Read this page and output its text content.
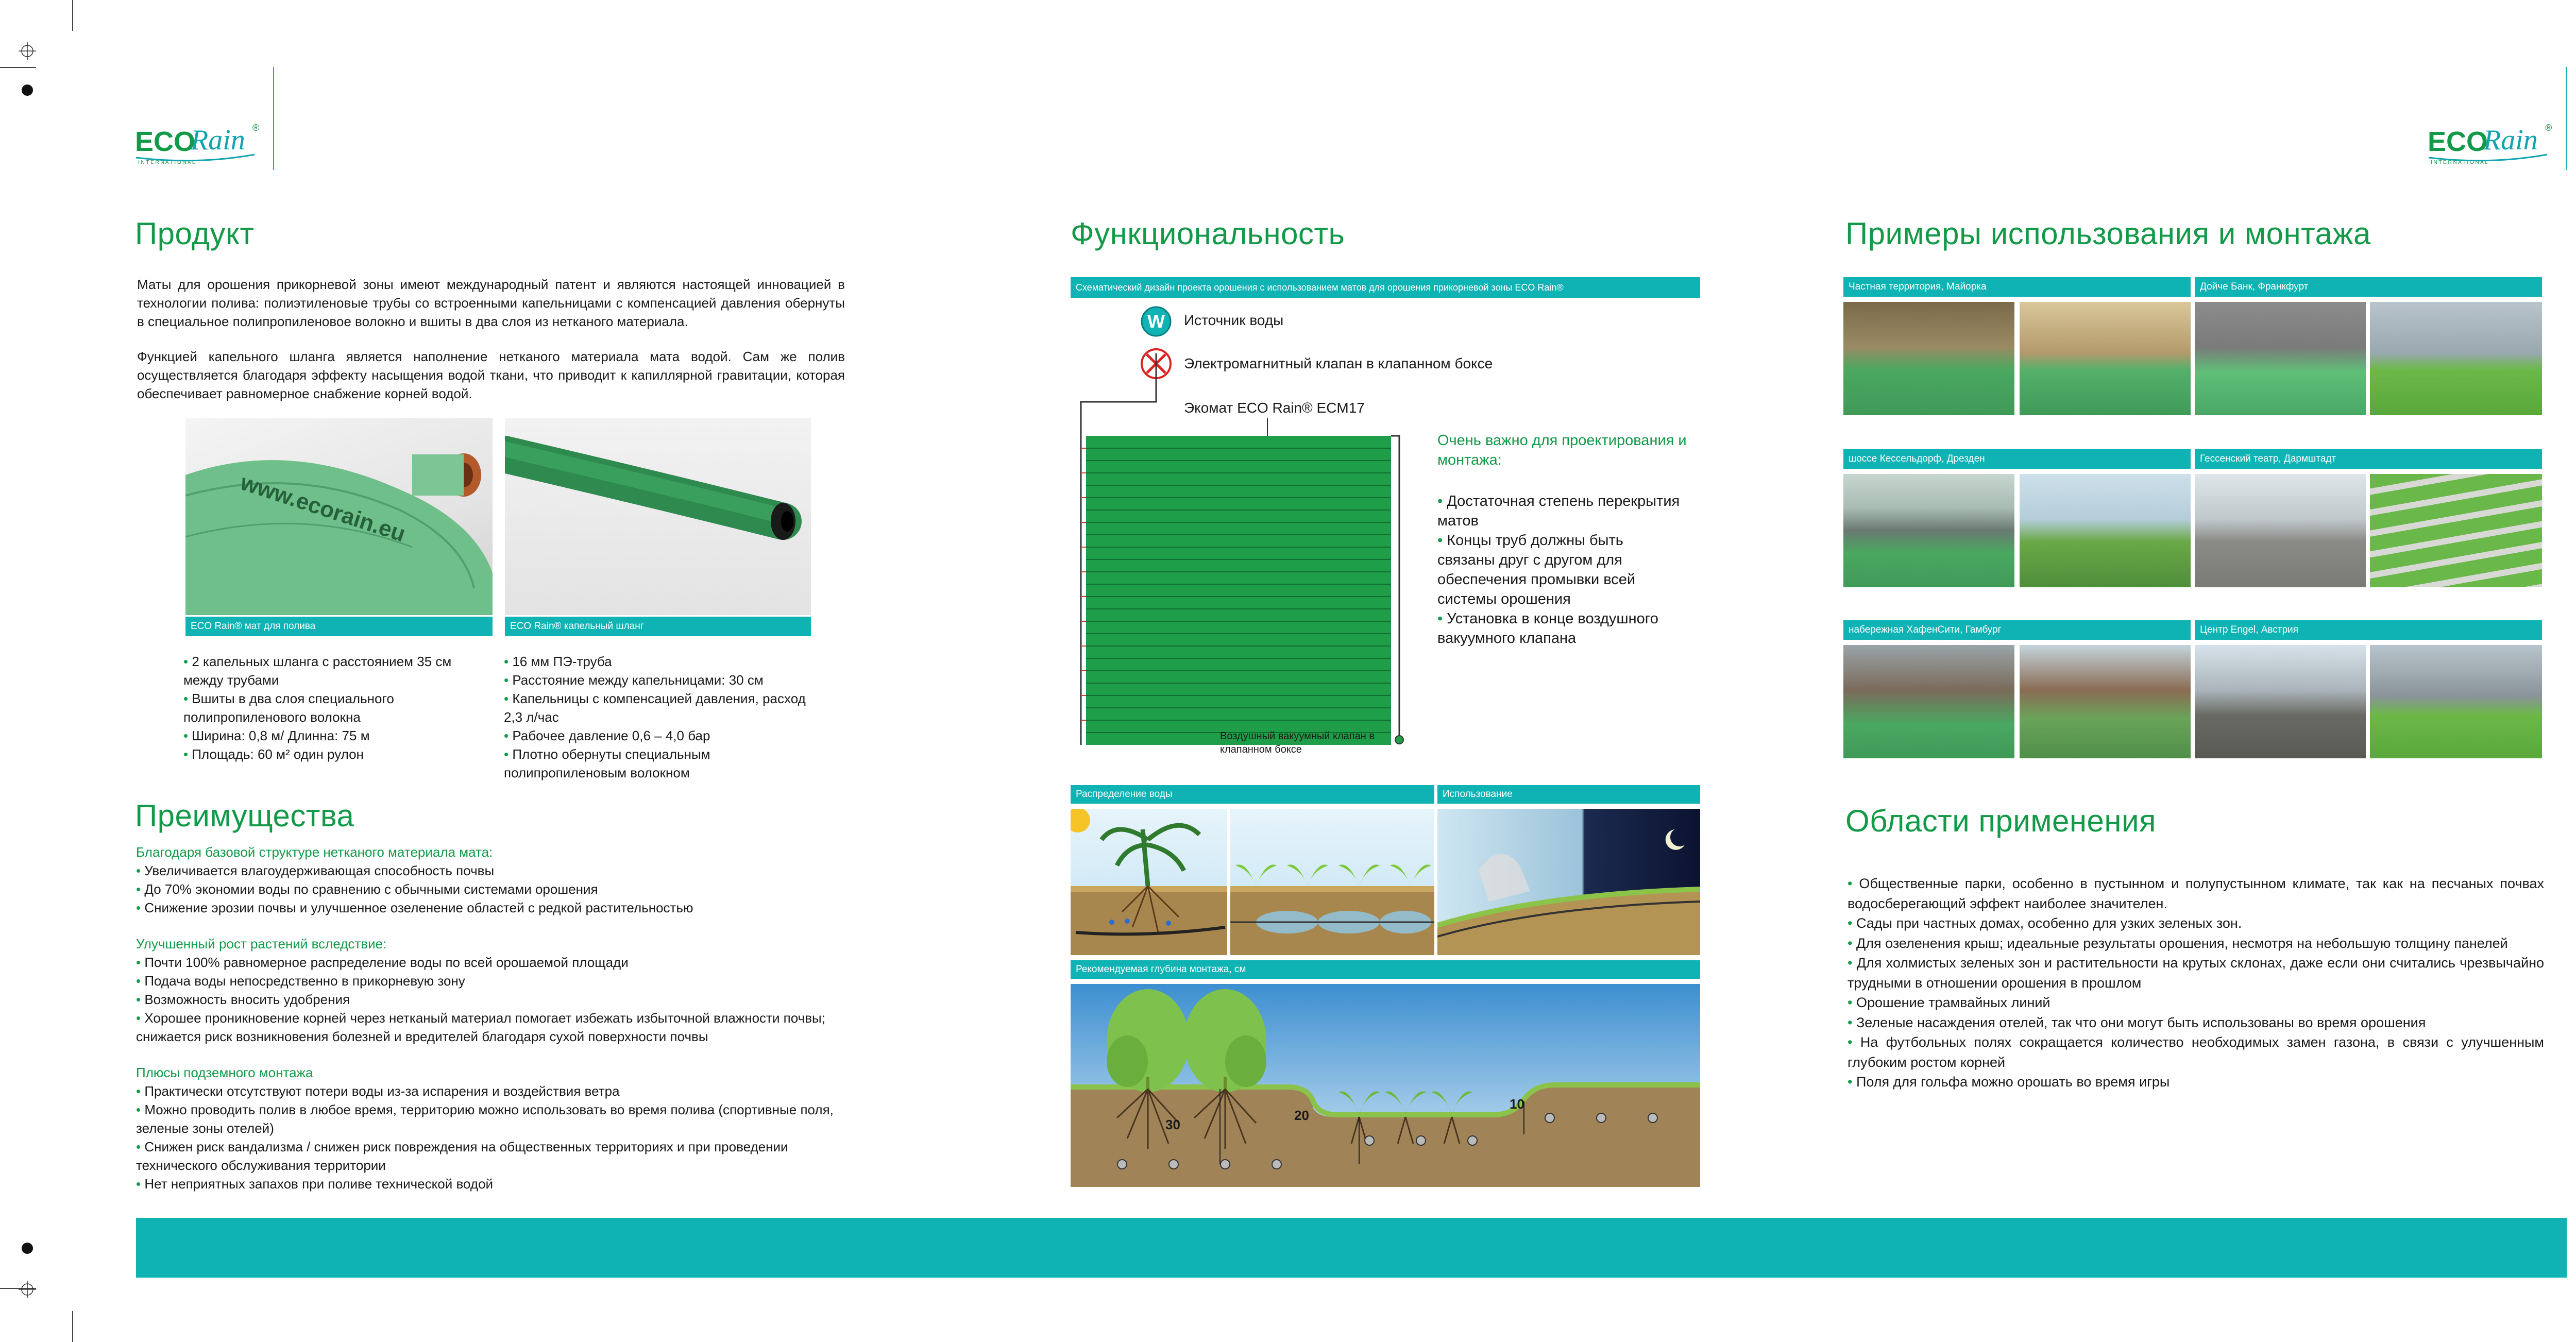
ECO
Rain ®
I N T E R N A T I O N A L
ECO
Rain ®
I N T E R N A T I O N A L
Продукт

Маты для орошения прикорневой зоны имеют международный патент и являются настоящей инновацией в технологии полива: полиэтиленовые трубы со встроенными капельницами с компенсацией давления обернуты в специальное полипропиленовое волокно и вшиты в два слоя из нетканого материала.

Функцией капельного шланга является наполнение нетканого материала мата водой. Сам же полив осуществляется благодаря эффекту насыщения водой ткани, что приводит к капиллярной гравитации, которая обеспечивает равномерное снабжение корней водой.

www.ecorain.eu
ECO Rain® мат для полива	ECO Rain® капельный шланг
• 2 капельных шланга с расстоянием 35 см между трубами
• Вшиты в два слоя специального полипропиленового волокна
• Ширина: 0,8 м/ Длинна: 75 м
• Площадь: 60 м² один рулон
• 16 мм ПЭ-труба
• Расстояние между капельницами: 30 см
• Капельницы с компенсацией давления, расход 2,3 л/час
• Рабочее давление 0,6 – 4,0 бар
• Плотно обернуты специальным полипропиленовым волокном
Преимущества

Благодаря базовой структуре нетканого материала мата:

• Увеличивается влагоудерживающая способность почвы
• До 70% экономии воды по сравнению с обычными системами орошения
• Снижение эрозии почвы и улучшенное озеленение областей с редкой растительностью

Улучшенный рост растений вследствие:

• Почти 100% равномерное распределение воды по всей орошаемой площади
• Подача воды непосредственно в прикорневую зону
• Возможность вносить удобрения
• Хорошее проникновение корней через нетканый материал помогает избежать избыточной влажности почвы; снижается риск возникновения болезней и вредителей благодаря сухой поверхности почвы

Плюсы подземного монтажа

• Практически отсутствуют потери воды из-за испарения и воздействия ветра
• Можно проводить полив в любое время, территорию можно использовать во время полива (спортивные поля, зеленые зоны отелей)
• Снижен риск вандализма / снижен риск повреждения на общественных территориях и при проведении технического обслуживания территории
• Нет неприятных запахов при поливе технической водой
Функциональность
Схематический дизайн проекта орошения с использованием матов для орошения прикорневой зоны ECO Rain®
W	Источник воды
Электромагнитный клапан в клапанном боксе
Экомат ECO Rain® ECM17
Воздушный вакуумный клапан в клапанном боксе
Очень важно для проектирования и монтажа:
• Достаточная степень перекрытия матов
• Концы труб должны быть связаны друг с другом для обеспечения промывки всей системы орошения
• Установка в конце воздушного вакуумного клапана
Распределение воды	Использование
Рекомендуемая глубина монтажа, см
30
20
10
Примеры использования и монтажа
Частная территория, Майорка	Дойче Банк, Франкфурт
шоссе Кессельдорф, Дрезден	Гессенский театр, Дармштадт
набережная ХафенСити, Гамбург	Центр Engel, Австрия
Области применения
• Общественные парки, особенно в пустынном и полупустынном климате, так как на песчаных почвах водосберегающий эффект наиболее значителен.
• Сады при частных домах, особенно для узких зеленых зон.
• Для озеленения крыш; идеальные результаты орошения, несмотря на небольшую толщину панелей
• Для холмистых зеленых зон и растительности на крутых склонах, даже если они считались чрезвычайно трудными в отношении орошения в прошлом
• Орошение трамвайных линий
• Зеленые насаждения отелей, так что они могут быть использованы во время орошения
• На футбольных полях сокращается количество необходимых замен газона, в связи с улучшенным глубоким ростом корней
• Поля для гольфа можно орошать во время игры
